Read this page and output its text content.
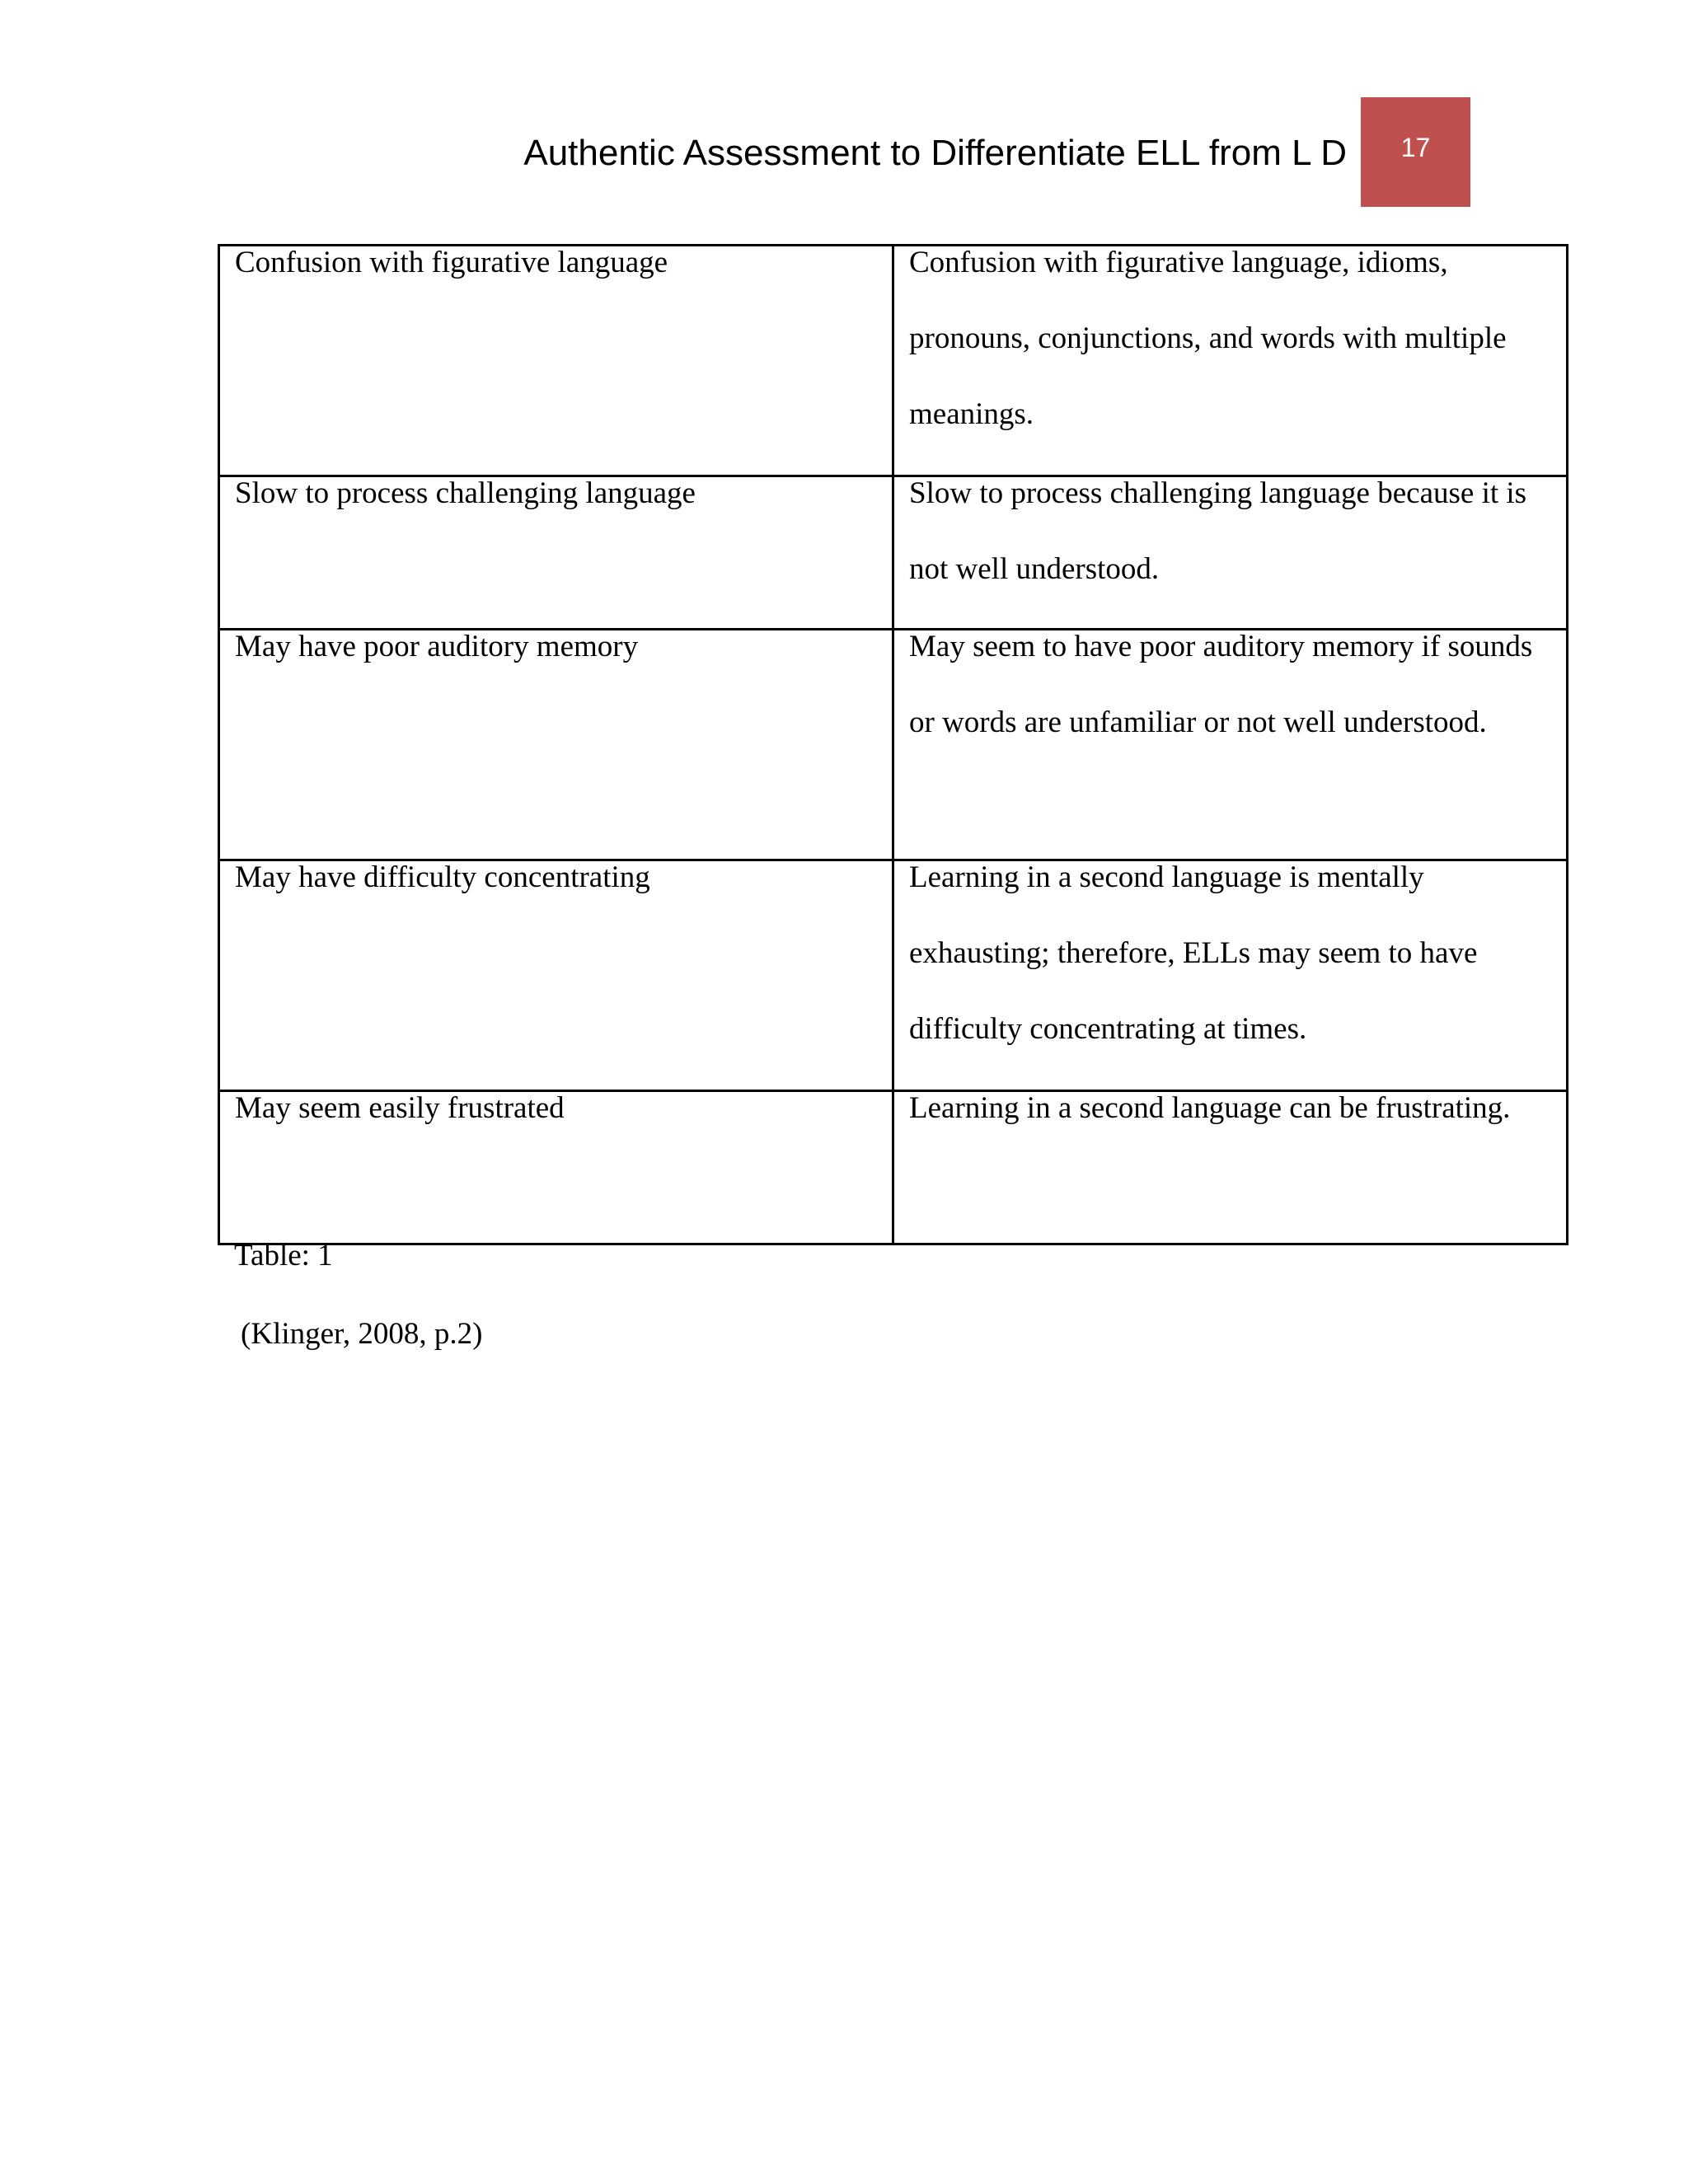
Authentic Assessment to Differentiate ELL from L D	17
Confusion with figurative language	Confusion with figurative language, idioms, pronouns, conjunctions, and words with multiple meanings.

Slow to process challenging language	Slow to process challenging language because it is not well understood.

May have poor auditory memory	May seem to have poor auditory memory if sounds or words are unfamiliar or not well understood.

May have difficulty concentrating	Learning in a second language is mentally exhausting; therefore, ELLs may seem to have difficulty concentrating at times.

May seem easily frustrated	Learning in a second language can be frustrating.
Table: 1
(Klinger, 2008, p.2)
